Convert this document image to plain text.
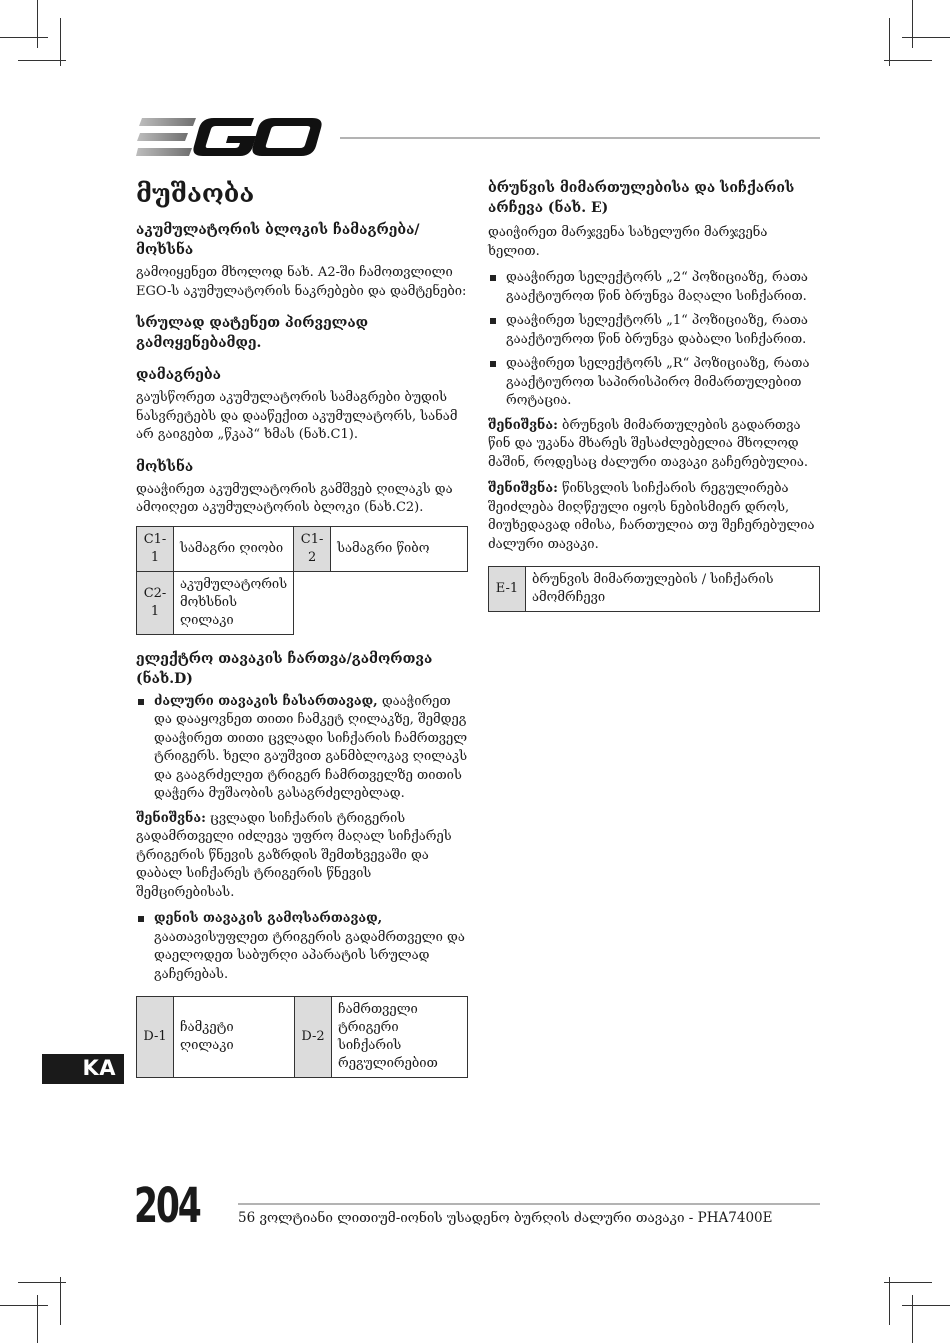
მუშაობა
აკუმულატორის ბლოკის ჩამაგრება/მოხსნა
გამოიყენეთ მხოლოდ ნახ. A2-ში ჩამოთვლილი EGO-ს აკუმულატორის ნაკრებები და დამტენები:
სრულად დატენეთ პირველად გამოყენებამდე.
დამაგრება
გაუსწორეთ აკუმულატორის სამაგრები ბუდის ნასვრეტებს და დააწექით აკუმულატორს, სანამ არ გაიგებთ „წკაპ“ ხმას (ნახ.C1).
მოხსნა
დააჭირეთ აკუმულატორის გამშვებ ღილაკს და ამოიღეთ აკუმულატორის ბლოკი (ნახ.C2).
C1-1	სამაგრი ღიობი	C1-2	სამაგრი წიბო
C2-1	აკუმულატორის მოხსნის ღილაკი		
ელექტრო თავაკის ჩართვა/გამორთვა (ნახ.D)
ძალური თავაკის ჩასართავად, დააჭირეთ და დააყოვნეთ თითი ჩამკეტ ღილაკზე, შემდეგ დააჭირეთ თითი ცვლადი სიჩქარის ჩამრთველ ტრიგერს. ხელი გაუშვით განმბლოკავ ღილაკს და გააგრძელეთ ტრიგერ ჩამრთველზე თითის დაჭერა მუშაობის გასაგრძელებლად.
შენიშვნა: ცვლადი სიჩქარის ტრიგერის გადამრთველი იძლევა უფრო მაღალ სიჩქარეს ტრიგერის წნევის გაზრდის შემთხვევაში და დაბალ სიჩქარეს ტრიგერის წნევის შემცირებისას.
დენის თავაკის გამოსართავად, გაათავისუფლეთ ტრიგერის გადამრთველი და დაელოდეთ საბურღი აპარატის სრულად გაჩერებას.
D-1	ჩამკეტი ღილაკი	D-2	ჩამრთველი ტრიგერი სიჩქარის რეგულირებით
ბრუნვის მიმართულებისა და სიჩქარის არჩევა (ნახ. E)
დაიჭირეთ მარჯვენა სახელური მარჯვენა ხელით.
დააჭირეთ სელექტორს „2“ პოზიციაზე, რათა გააქტიუროთ წინ ბრუნვა მაღალი სიჩქარით.
დააჭირეთ სელექტორს „1“ პოზიციაზე, რათა გააქტიუროთ წინ ბრუნვა დაბალი სიჩქარით.
დააჭირეთ სელექტორს „R“ პოზიციაზე, რათა გააქტიუროთ საპირისპირო მიმართულებით როტაცია.
შენიშვნა: ბრუნვის მიმართულების გადართვა წინ და უკანა მხარეს შესაძლებელია მხოლოდ მაშინ, როდესაც ძალური თავაკი გაჩერებულია.
შენიშვნა: წინსვლის სიჩქარის რეგულირება შეიძლება მიღწეული იყოს ნებისმიერ დროს, მიუხედავად იმისა, ჩართულია თუ შეჩერებულია ძალური თავაკი.
E-1	ბრუნვის მიმართულების / სიჩქარის ამომრჩევი
KA
204	56 ვოლტიანი ლითიუმ-იონის უსადენო ბურღის ძალური თავაკი - PHA7400E
